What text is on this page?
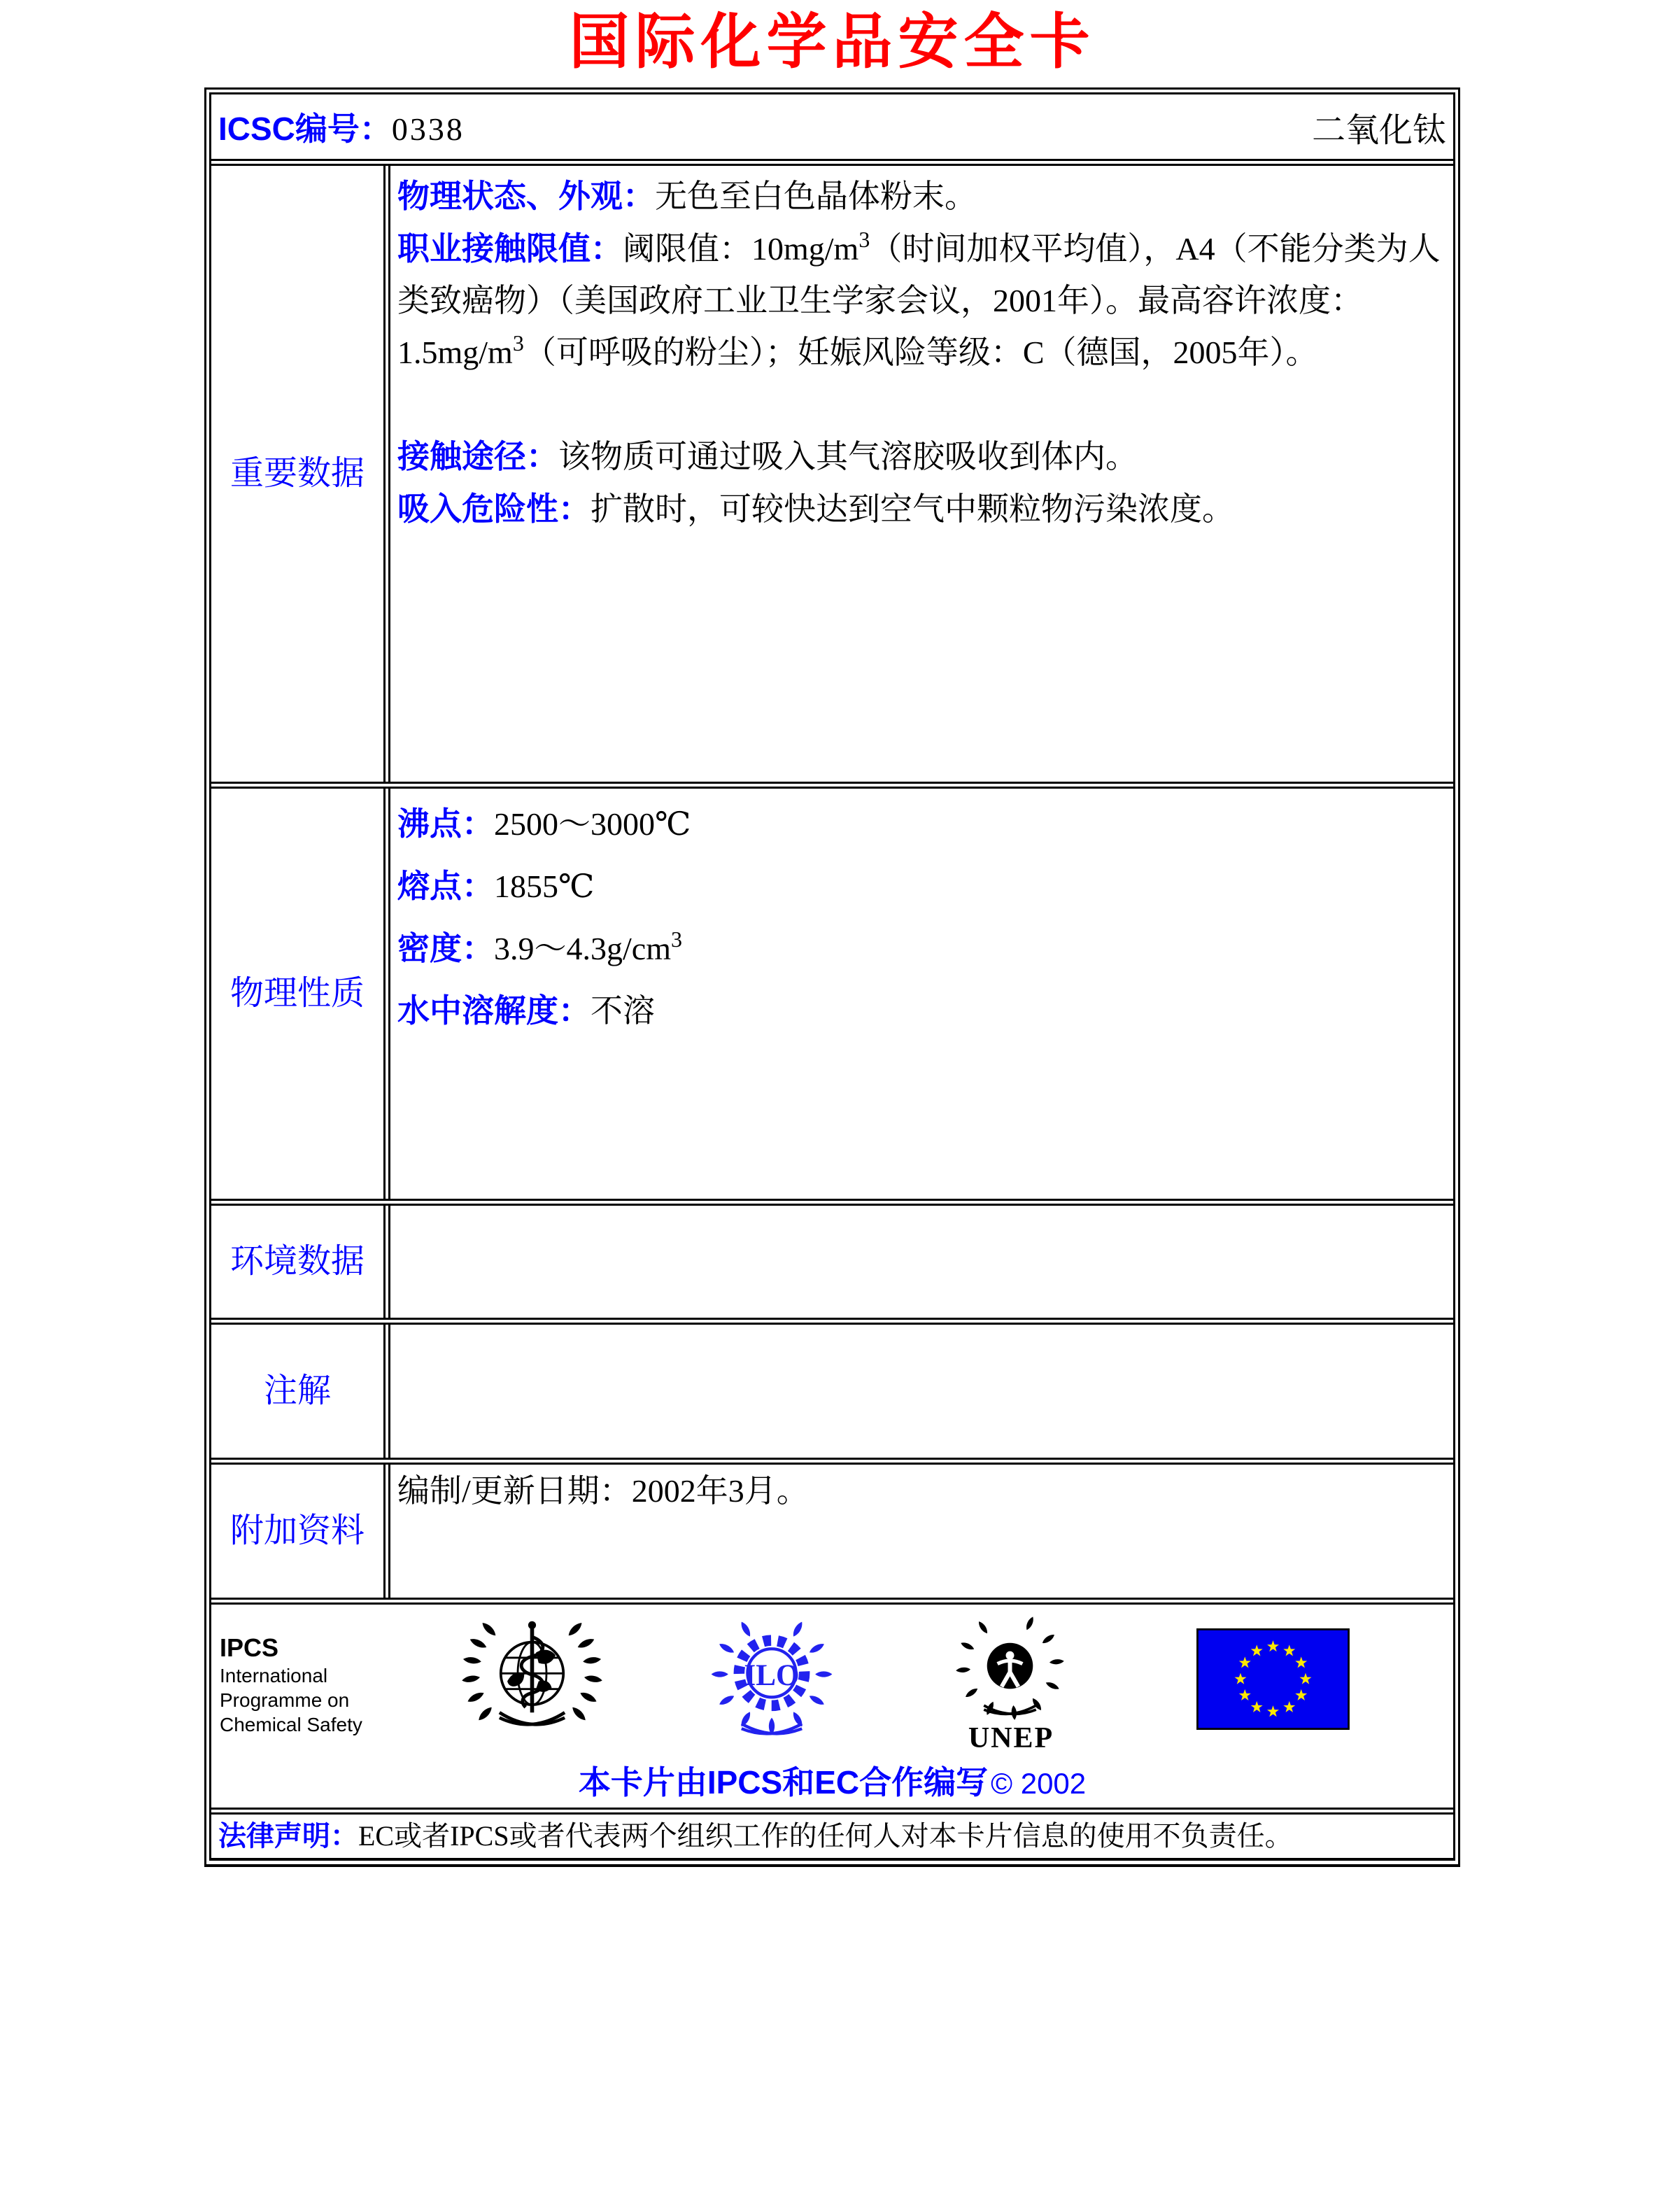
国际化学品安全卡
ICSC编号：0338	二氧化钛
重要数据

物理状态、外观：无色至白色晶体粉末。

职业接触限值：阈限值：$10mg/m^3$（时间加权平均值），A4（不能分类为人类致癌物）（美国政府工业卫生学家会议，2001年）。最高容许浓度：$1.5mg/m^3$（可呼吸的粉尘）；妊娠风险等级：C（德国，2005年）。

接触途径：该物质可通过吸入其气溶胶吸收到体内。

吸入危险性：扩散时，可较快达到空气中颗粒物污染浓度。

物理性质

沸点：2500～3000℃

熔点：1855℃

密度：$3.9\sim 4.3g/cm^3$

水中溶解度：不溶

环境数据
注解
附加资料

编制/更新日期：2002年3月。

IPCS
International
Programme on
Chemical Safety
ILO
UNEP
本卡片由IPCS和EC合作编写 © 2002
法律声明： EC或者IPCS或者代表两个组织工作的任何人对本卡片信息的使用不负责任。
